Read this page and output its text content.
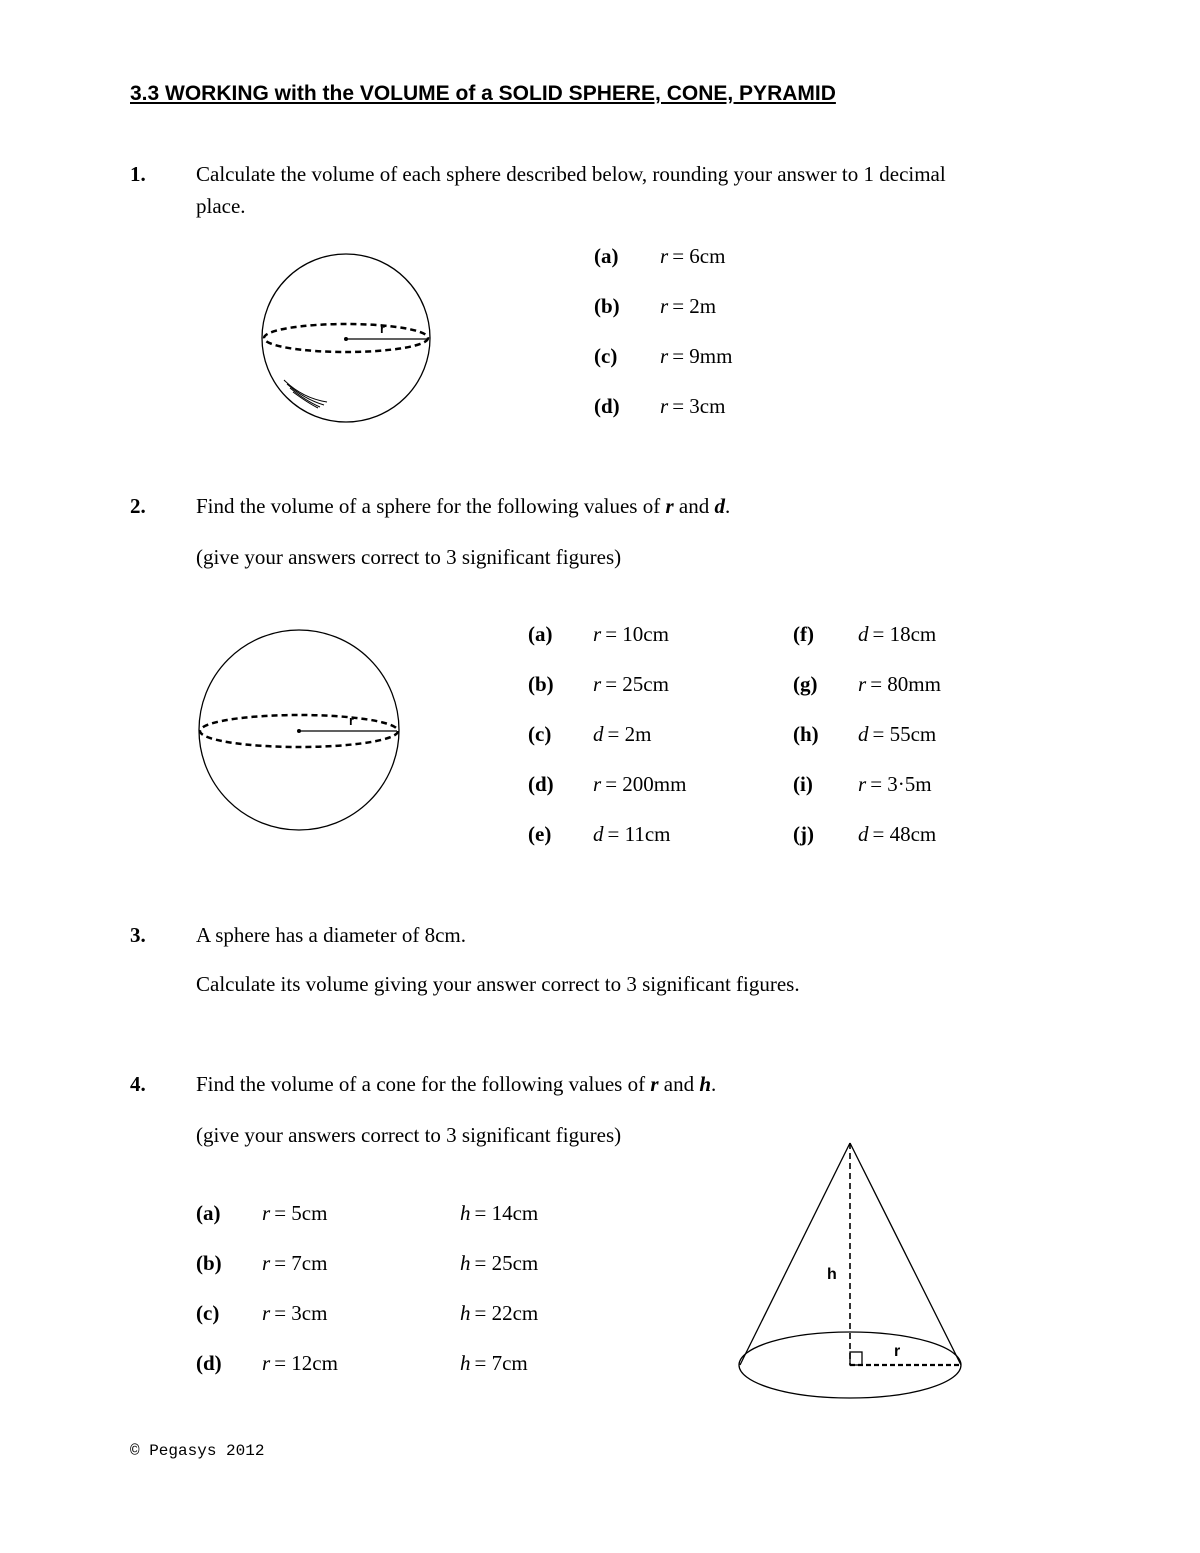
3.3 WORKING with the VOLUME of a SOLID SPHERE, CONE, PYRAMID
1. Calculate the volume of each sphere described below, rounding your answer to 1 decimal
place.
r
(a) r = 6cm
(b) r = 2m
(c) r = 9mm
(d) r = 3cm
2. Find the volume of a sphere for the following values of r and d.
(give your answers correct to 3 significant figures)
r
(a) r = 10cm
(b) r = 25cm
(c) d = 2m
(d) r = 200mm
(e) d = 11cm
(f) d = 18cm
(g) r = 80mm
(h) d = 55cm
(i) r = 3·5m
(j) d = 48cm
3. A sphere has a diameter of 8cm.
Calculate its volume giving your answer correct to 3 significant figures.
4. Find the volume of a cone for the following values of r and h.
(give your answers correct to 3 significant figures)
(a) r = 5cm	h = 14cm
(b) r = 7cm	h = 25cm
(c) r = 3cm	h = 22cm
(d) r = 12cm	h = 7cm
h
r
© Pegasys 2012
